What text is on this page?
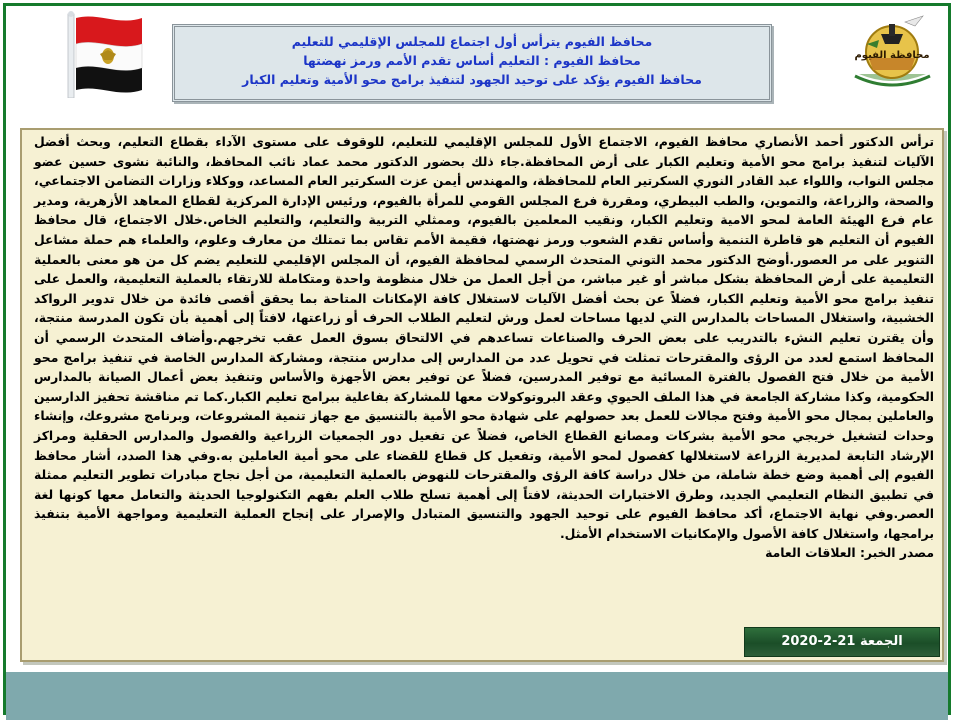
محافظة الفيوم
محافظ الفيوم يترأس أول اجتماع للمجلس الإقليمي للتعليم
محافظ الفيوم : التعليم أساس تقدم الأمم ورمز نهضتها
محافظ الفيوم يؤكد على توحيد الجهود لتنفيذ برامج محو الأمية وتعليم الكبار

ترأس الدكتور أحمد الأنصاري محافظ الفيوم، الاجتماع الأول للمجلس الإقليمي للتعليم، للوقوف على مستوى الآداء بقطاع التعليم، وبحث أفضل الآليات لتنفيذ برامج محو الأمية وتعليم الكبار على أرض المحافظة.جاء ذلك بحضور الدكتور محمد عماد نائب المحافظ، والنائبة نشوى حسين عضو مجلس النواب، واللواء عبد القادر النوري السكرتير العام للمحافظة، والمهندس أيمن عزت السكرتير العام المساعد، ووكلاء وزارات التضامن الاجتماعي، والصحة، والزراعة، والتموين، والطب البيطري، ومقررة فرع المجلس القومي للمرأة بالفيوم، ورئيس الإدارة المركزية لقطاع المعاهد الأزهرية، ومدير عام فرع الهيئة العامة لمحو الامية وتعليم الكبار، ونقيب المعلمين بالفيوم، وممثلي التربية والتعليم، والتعليم الخاص.خلال الاجتماع، قال محافظ الفيوم أن التعليم هو قاطرة التنمية وأساس تقدم الشعوب ورمز نهضتها، فقيمة الأمم تقاس بما تمتلك من معارف وعلوم، والعلماء هم حملة مشاعل التنوير على مر العصور.أوضح الدكتور محمد التوني المتحدث الرسمي لمحافظة الفيوم، أن المجلس الإقليمي للتعليم يضم كل من هو معنى بالعملية التعليمية على أرض المحافظة بشكل مباشر أو غير مباشر، من أجل العمل من خلال منظومة واحدة ومتكاملة للارتقاء بالعملية التعليمية، والعمل على تنفيذ برامج محو الأمية وتعليم الكبار، فضلاً عن بحث أفضل الآليات لاستغلال كافة الإمكانات المتاحة بما يحقق أقصى فائدة من خلال تدوير الرواكد الخشبية، واستغلال المساحات بالمدارس التي لديها مساحات لعمل ورش لتعليم الطلاب الحرف أو زراعتها، لافتاً إلى أهمية بأن تكون المدرسة منتجة، وأن يقترن تعليم النشء بالتدريب على بعض الحرف والصناعات تساعدهم في الالتحاق بسوق العمل عقب تخرجهم.وأضاف المتحدث الرسمي أن المحافظ استمع لعدد من الرؤى والمقترحات تمثلت في تحويل عدد من المدارس إلى مدارس منتجة، ومشاركة المدارس الخاصة في تنفيذ برامج محو الأمية من خلال فتح الفصول بالفترة المسائية مع توفير المدرسين، فضلاً عن توفير بعض الأجهزة والأساس وتنفيذ بعض أعمال الصيانة بالمدارس الحكومية، وكذا مشاركة الجامعة في هذا الملف الحيوي وعقد البروتوكولات معها للمشاركة بفاعلية ببرامج تعليم الكبار.كما تم مناقشة تحفيز الدارسين والعاملين بمجال محو الأمية وفتح مجالات للعمل بعد حصولهم على شهادة محو الأمية بالتنسيق مع جهاز تنمية المشروعات، وبرنامج مشروعك، وإنشاء وحدات لتشغيل خريجي محو الأمية بشركات ومصانع القطاع الخاص، فضلاً عن تفعيل دور الجمعيات الزراعية والفصول والمدارس الحقلية ومراكز الإرشاد التابعة لمديرية الزراعة لاستغلالها كفصول لمحو الأمية، وتفعيل كل قطاع للقضاء على محو أمية العاملين به.وفي هذا الصدد، أشار محافظ الفيوم إلى أهمية وضع خطة شاملة، من خلال دراسة كافة الرؤى والمقترحات للنهوض بالعملية التعليمية، من أجل نجاح مبادرات تطوير التعليم ممثلة في تطبيق النظام التعليمي الجديد، وطرق الاختبارات الحديثة، لافتاً إلى أهمية تسلح طلاب العلم بفهم التكنولوجيا الحديثة والتعامل معها كونها لغة العصر.وفي نهاية الاجتماع، أكد محافظ الفيوم على توحيد الجهود والتنسيق المتبادل والإصرار على إنجاح العملية التعليمية ومواجهة الأمية بتنفيذ برامجها، واستغلال كافة الأصول والإمكانيات الاستخدام الأمثل.

مصدر الخبر: العلاقات العامة

الجمعة 21-2-2020
